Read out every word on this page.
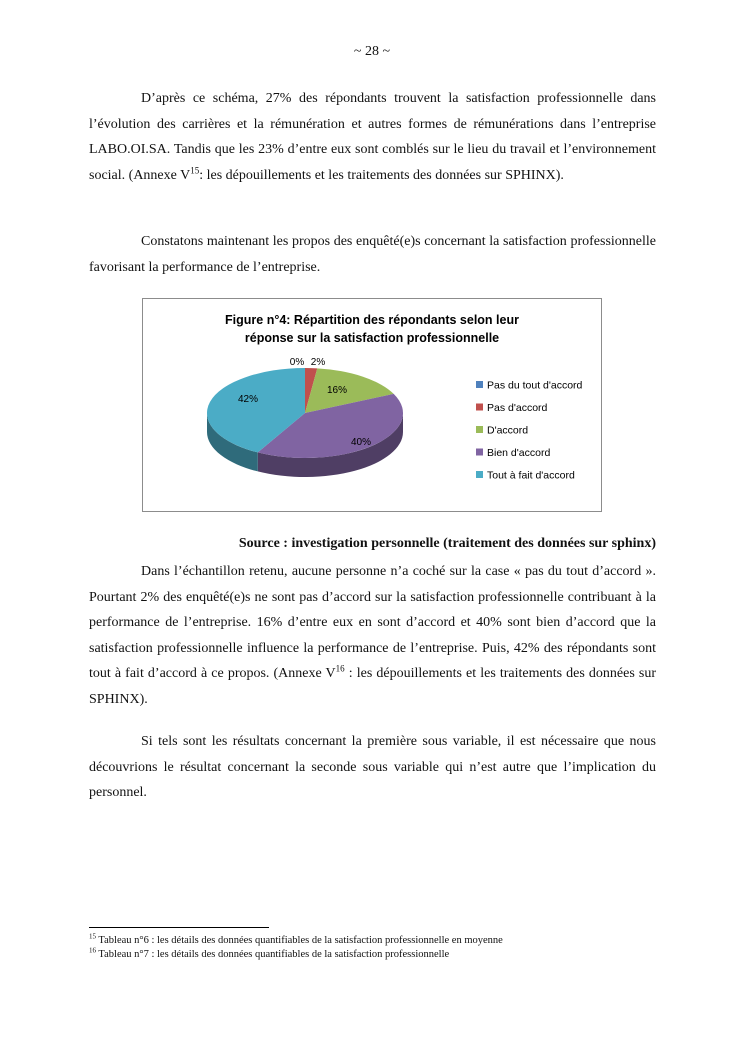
~ 28 ~

D’après ce schéma, 27% des répondants trouvent la satisfaction professionnelle dans l’évolution des carrières et la rémunération et autres formes de rémunérations dans l’entreprise LABO.OI.SA. Tandis que les 23% d’entre eux sont comblés sur le lieu du travail et l’environnement social. (Annexe $V^{15}$: les dépouillements et les traitements des données sur SPHINX).

Constatons maintenant les propos des enquêté(e)s concernant la satisfaction professionnelle favorisant la performance de l’entreprise.

Figure n°4: Répartition des répondants selon leur
réponse sur la satisfaction professionnelle
0% 2%
16%
40%
42%
Pas du tout d'accord
Pas d'accord
D'accord
Bien d'accord
Tout à fait d'accord
Source : investigation personnelle (traitement des données sur sphinx)

Dans l’échantillon retenu, aucune personne n’a coché sur la case « pas du tout d’accord ». Pourtant 2% des enquêté(e)s ne sont pas d’accord sur la satisfaction professionnelle contribuant à la performance de l’entreprise. 16% d’entre eux en sont d’accord et 40% sont bien d’accord que la satisfaction professionnelle influence la performance de l’entreprise. Puis, 42% des répondants sont tout à fait d’accord à ce propos. (Annexe $V^{16}$ : les dépouillements et les traitements des données sur SPHINX).

Si tels sont les résultats concernant la première sous variable, il est nécessaire que nous découvrions le résultat concernant la seconde sous variable qui n’est autre que l’implication du personnel.

$^{15}$ Tableau n°6 : les détails des données quantifiables de la satisfaction professionnelle en moyenne
$^{16}$ Tableau n°7 : les détails des données quantifiables de la satisfaction professionnelle
